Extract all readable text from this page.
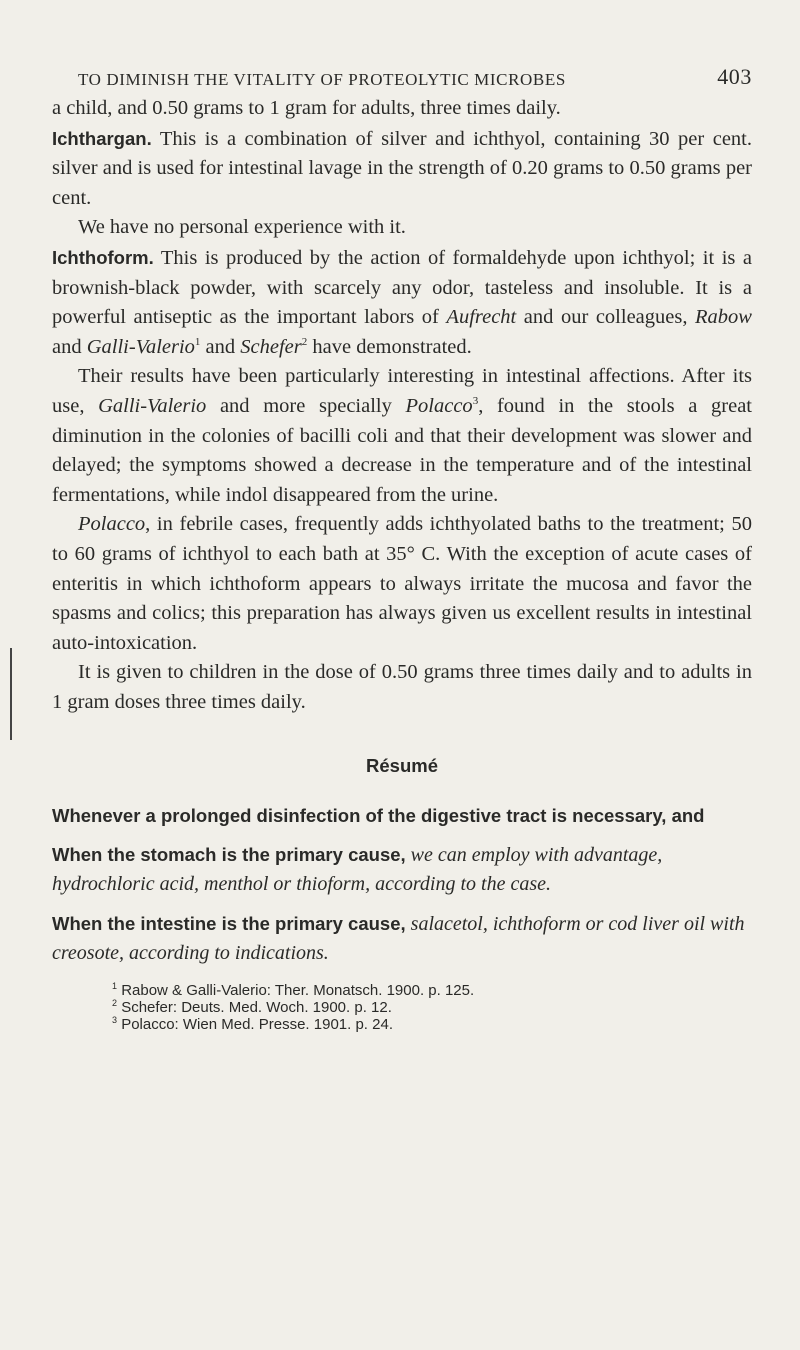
TO DIMINISH THE VITALITY OF PROTEOLYTIC MICROBES	403

a child, and 0.50 grams to 1 gram for adults, three times daily.

Ichthargan. This is a combination of silver and ichthyol, containing 30 per cent. silver and is used for intestinal lavage in the strength of 0.20 grams to 0.50 grams per cent.

We have no personal experience with it.

Ichthoform. This is produced by the action of formaldehyde upon ichthyol; it is a brownish-black powder, with scarcely any odor, tasteless and insoluble. It is a powerful antiseptic as the important labors of Aufrecht and our colleagues, Rabow and Galli-Valerio$^1$ and Schefer$^2$ have demonstrated.

Their results have been particularly interesting in intestinal affections. After its use, Galli-Valerio and more specially Polacco$^3$, found in the stools a great diminution in the colonies of bacilli coli and that their development was slower and delayed; the symptoms showed a decrease in the temperature and of the intestinal fermentations, while indol disappeared from the urine.

Polacco, in febrile cases, frequently adds ichthyolated baths to the treatment; 50 to 60 grams of ichthyol to each bath at 35° C. With the exception of acute cases of enteritis in which ichthoform appears to always irritate the mucosa and favor the spasms and colics; this preparation has always given us excellent results in intestinal auto-intoxication.

It is given to children in the dose of 0.50 grams three times daily and to adults in 1 gram doses three times daily.

Résumé

Whenever a prolonged disinfection of the digestive tract is necessary, and

When the stomach is the primary cause, we can employ with advantage, hydrochloric acid, menthol or thioform, according to the case.

When the intestine is the primary cause, salacetol, ichthoform or cod liver oil with creosote, according to indications.

$^1$ Rabow & Galli-Valerio: Ther. Monatsch. 1900. p. 125.
$^2$ Schefer: Deuts. Med. Woch. 1900. p. 12.
$^3$ Polacco: Wien Med. Presse. 1901. p. 24.
